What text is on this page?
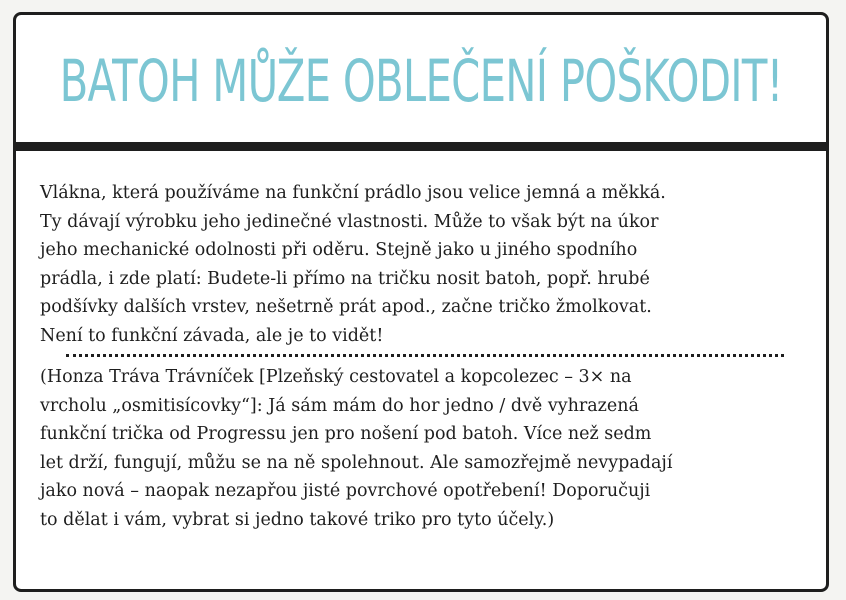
BATOH MŮŽE OBLEČENÍ POŠKODIT!

Vlákna, která používáme na funkční prádlo jsou velice jemná a měkká.
Ty dávají výrobku jeho jedinečné vlastnosti. Může to však být na úkor
jeho mechanické odolnosti při oděru. Stejně jako u jiného spodního
prádla, i zde platí: Budete-li přímo na tričku nosit batoh, popř. hrubé
podšívky dalších vrstev, nešetrně prát apod., začne tričko žmolkovat.
Není to funkční závada, ale je to vidět!

(Honza Tráva Trávníček [Plzeňský cestovatel a kopcolezec – 3× na
vrcholu „osmitisícovky“]: Já sám mám do hor jedno / dvě vyhrazená
funkční trička od Progressu jen pro nošení pod batoh. Více než sedm
let drží, fungují, můžu se na ně spolehnout. Ale samozřejmě nevypadají
jako nová – naopak nezapřou jisté povrchové opotřebení! Doporučuji
to dělat i vám, vybrat si jedno takové triko pro tyto účely.)
